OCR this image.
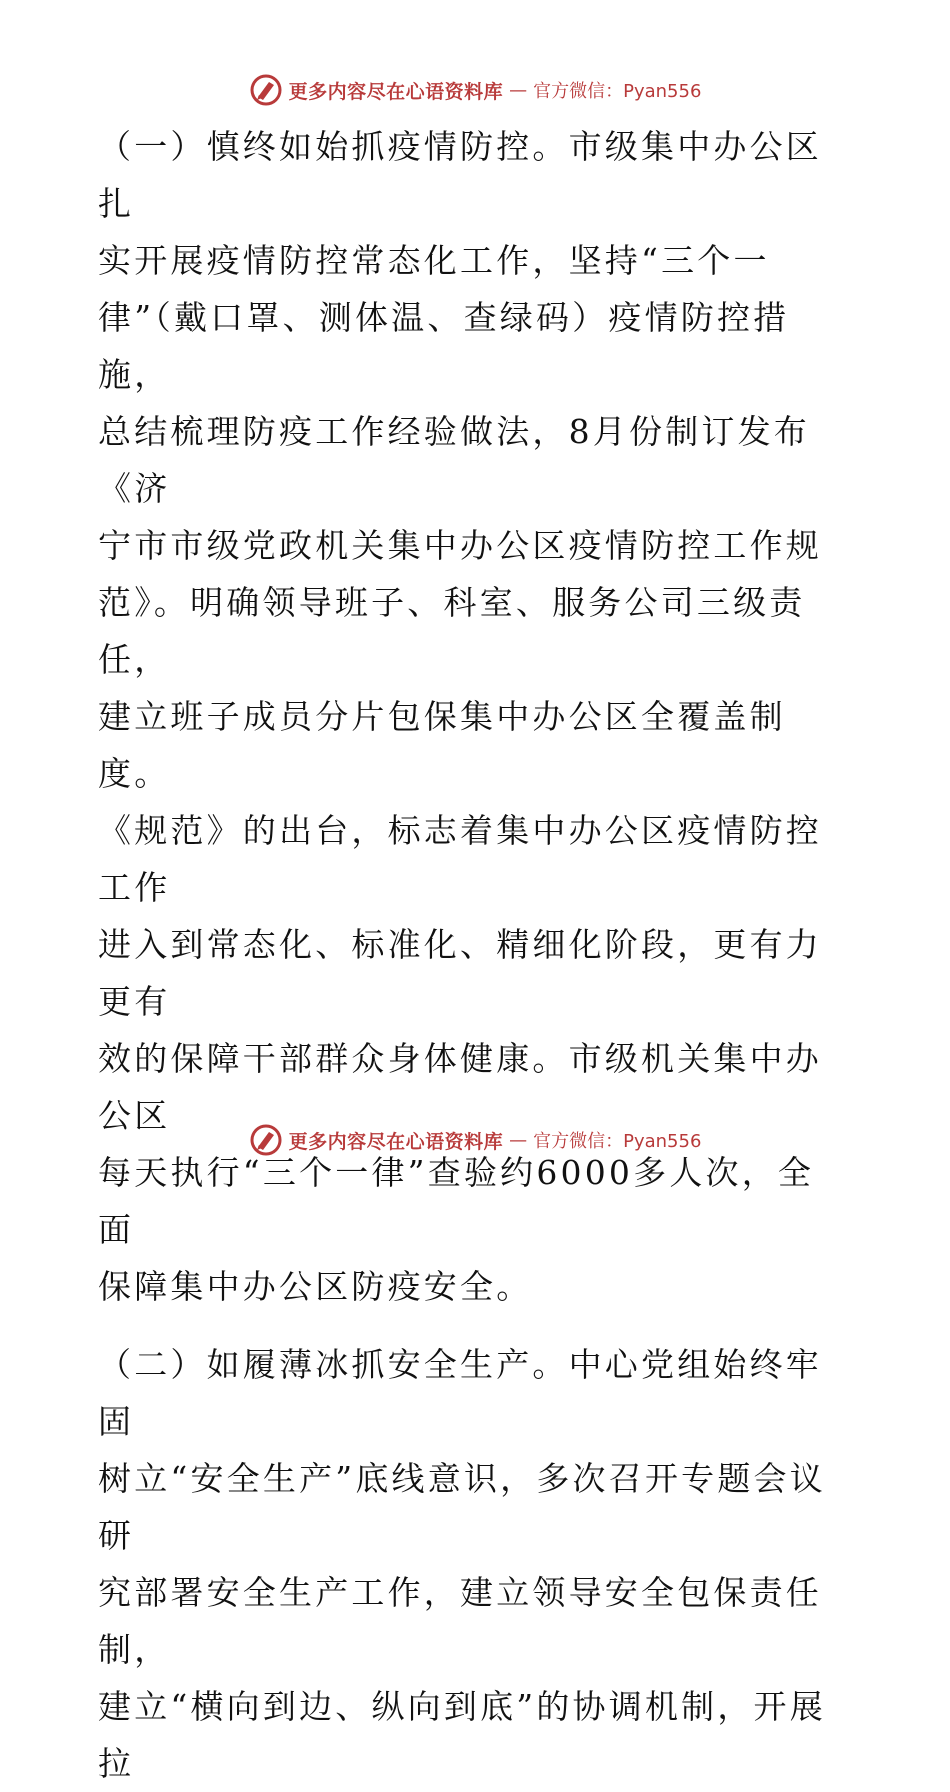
更多内容尽在心语资料库 — 官方微信：Pyan556

（一）慎终如始抓疫情防控。市级集中办公区扎
实开展疫情防控常态化工作，坚持“三个一
律”（戴口罩、测体温、查绿码）疫情防控措施，
总结梳理防疫工作经验做法，8月份制订发布《济
宁市市级党政机关集中办公区疫情防控工作规
范》。明确领导班子、科室、服务公司三级责任，
建立班子成员分片包保集中办公区全覆盖制度。
《规范》的出台，标志着集中办公区疫情防控工作
进入到常态化、标准化、精细化阶段，更有力更有
效的保障干部群众身体健康。市级机关集中办公区
每天执行“三个一律”查验约6000多人次，全面
保障集中办公区防疫安全。

（二）如履薄冰抓安全生产。中心党组始终牢固
树立“安全生产”底线意识，多次召开专题会议研
究部署安全生产工作，建立领导安全包保责任制，
建立“横向到边、纵向到底”的协调机制，开展拉

更多内容尽在心语资料库 — 官方微信：Pyan556
